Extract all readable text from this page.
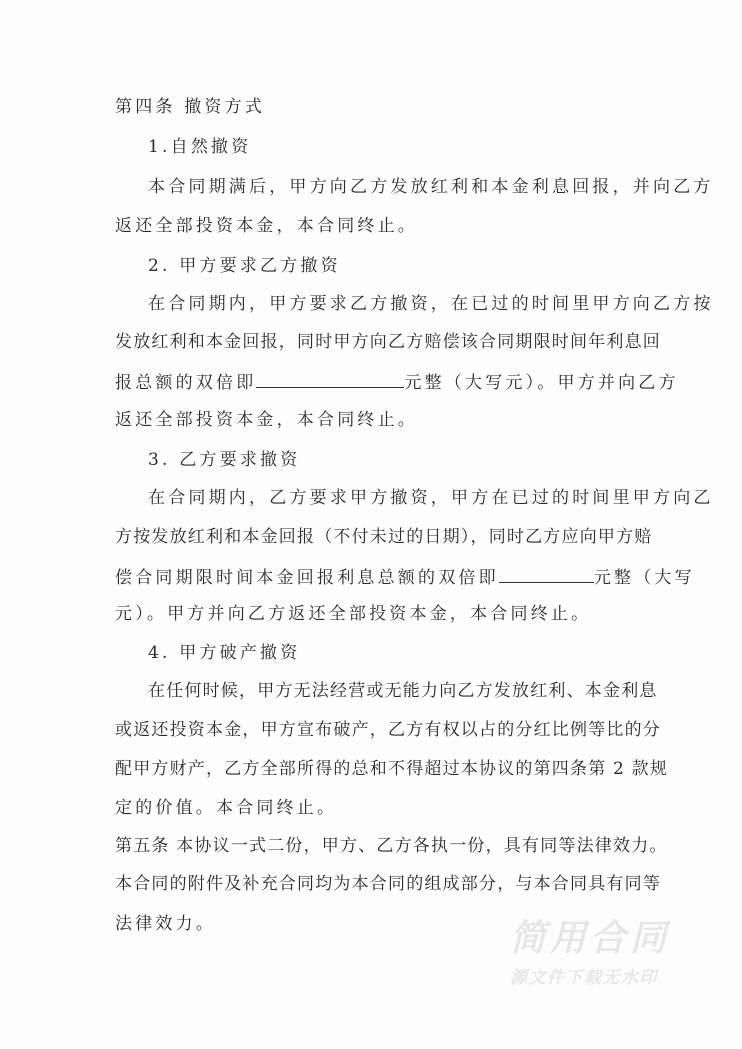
第四条 撤资方式
1.自然撤资
本合同期满后，甲方向乙方发放红利和本金利息回报，并向乙方
返还全部投资本金，本合同终止。
2. 甲方要求乙方撤资
在合同期内，甲方要求乙方撤资，在已过的时间里甲方向乙方按
发放红利和本金回报，同时甲方向乙方赔偿该合同期限时间年利息回
报总额的双倍即	元整（大写元）。甲方并向乙方
返还全部投资本金，本合同终止。
3. 乙方要求撤资
在合同期内，乙方要求甲方撤资，甲方在已过的时间里甲方向乙
方按发放红利和本金回报（不付未过的日期），同时乙方应向甲方赔
偿合同期限时间本金回报利息总额的双倍即	元整（大写
元）。甲方并向乙方返还全部投资本金，本合同终止。
4. 甲方破产撤资
在任何时候，甲方无法经营或无能力向乙方发放红利、本金利息
或返还投资本金，甲方宣布破产，乙方有权以占的分红比例等比的分
配甲方财产，乙方全部所得的总和不得超过本协议的第四条第 2 款规
定的价值。本合同终止。
第五条 本协议一式二份，甲方、乙方各执一份，具有同等法律效力。
本合同的附件及补充合同均为本合同的组成部分，与本合同具有同等
法律效力。	简用合同
源文件下载无水印
